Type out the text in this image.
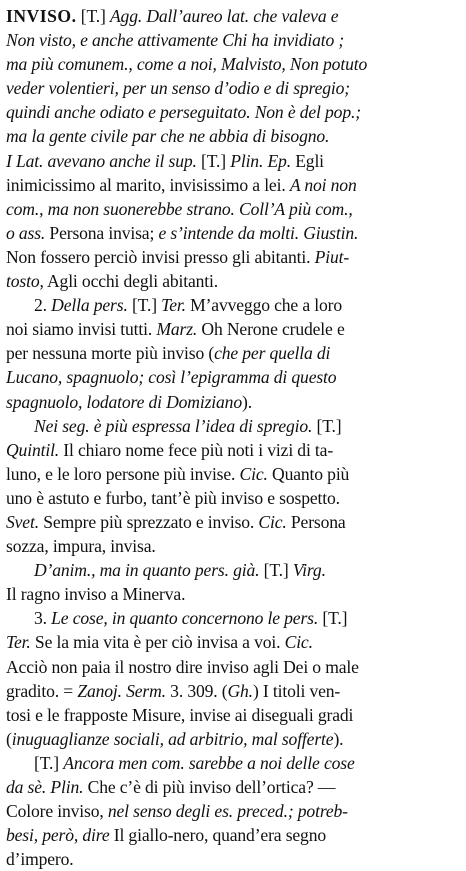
INVISO. [T.] Agg. Dall’aureo lat. che valeva e
Non visto, e anche attivamente Chi ha invidiato ;
ma più comunem., come a noi, Malvisto, Non potuto
veder volentieri, per un senso d’odio e di spregio;
quindi anche odiato e perseguitato. Non è del pop.;
ma la gente civile par che ne abbia di bisogno.
I Lat. avevano anche il sup. [T.] Plin. Ep. Egli
inimicissimo al marito, invisissimo a lei. A noi non
com., ma non suonerebbe strano. Coll’A più com.,
o ass. Persona invisa; e s’intende da molti. Giustin.
Non fossero perciò invisi presso gli abitanti. Piut-
tosto, Agli occhi degli abitanti.
2. Della pers. [T.] Ter. M’avveggo che a loro
noi siamo invisi tutti. Marz. Oh Nerone crudele e
per nessuna morte più inviso (che per quella di
Lucano, spagnuolo; così l’epigramma di questo
spagnuolo, lodatore di Domiziano).
Nei seg. è più espressa l’idea di spregio. [T.]
Quintil. Il chiaro nome fece più noti i vizi di ta-
luno, e le loro persone più invise. Cic. Quanto più
uno è astuto e furbo, tant’è più inviso e sospetto.
Svet. Sempre più sprezzato e inviso. Cic. Persona
sozza, impura, invisa.
D’anim., ma in quanto pers. già. [T.] Virg.
Il ragno inviso a Minerva.
3. Le cose, in quanto concernono le pers. [T.]
Ter. Se la mia vita è per ciò invisa a voi. Cic.
Acciò non paia il nostro dire inviso agli Dei o male
gradito. = Zanoj. Serm. 3. 309. (Gh.) I titoli ven-
tosi e le frapposte Misure, invise ai diseguali gradi
(inuguaglianze sociali, ad arbitrio, mal sofferte).
[T.] Ancora men com. sarebbe a noi delle cose
da sè. Plin. Che c’è di più inviso dell’ortica? —
Colore inviso, nel senso degli es. preced.; potreb-
besi, però, dire Il giallo-nero, quand’era segno
d’impero.
